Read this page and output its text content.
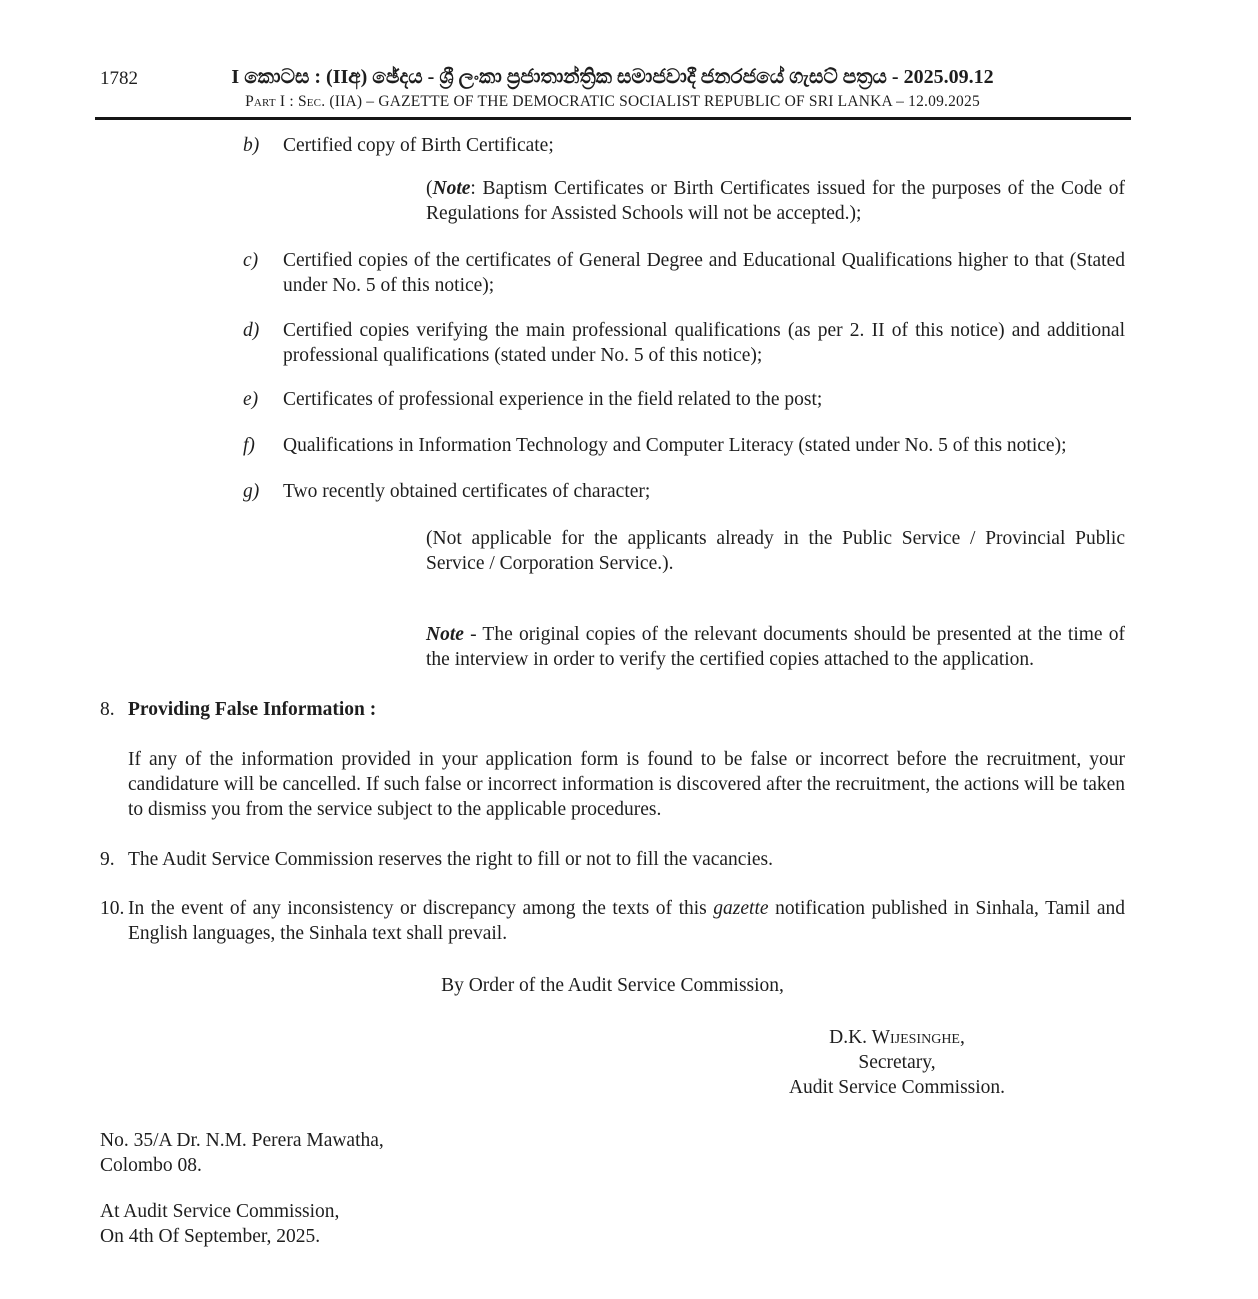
1782	I කොටස : (IIඅ) ඡේදය - ශ්‍රී ලංකා ප්‍රජාතාන්ත්‍රික සමාජවාදී ජනරජයේ ගැසට් පත්‍රය - 2025.09.12
Part I : Sec. (IIA) – GAZETTE OF THE DEMOCRATIC SOCIALIST REPUBLIC OF SRI LANKA – 12.09.2025
b)	Certified copy of Birth Certificate;

(Note: Baptism Certificates or Birth Certificates issued for the purposes of the Code of Regulations for Assisted Schools will not be accepted.);

c)	Certified copies of the certificates of General Degree and Educational Qualifications higher to that (Stated under No. 5 of this notice);

d)	Certified copies verifying the main professional qualifications (as per 2. II of this notice) and additional professional qualifications (stated under No. 5 of this notice);

e)	Certificates of professional experience in the field related to the post;

f)	Qualifications in Information Technology and Computer Literacy (stated under No. 5 of this notice);

g)	Two recently obtained certificates of character;

(Not applicable for the applicants already in the Public Service / Provincial Public Service / Corporation Service.).

Note - The original copies of the relevant documents should be presented at the time of the interview in order to verify the certified copies attached to the application.

8. Providing False Information :

If any of the information provided in your application form is found to be false or incorrect before the recruitment, your candidature will be cancelled. If such false or incorrect information is discovered after the recruitment, the actions will be taken to dismiss you from the service subject to the applicable procedures.

9. The Audit Service Commission reserves the right to fill or not to fill the vacancies.

10. In the event of any inconsistency or discrepancy among the texts of this gazette notification published in Sinhala, Tamil and English languages, the Sinhala text shall prevail.

By Order of the Audit Service Commission,

D.K. Wijesinghe,

Secretary,

Audit Service Commission.

No. 35/A Dr. N.M. Perera Mawatha,

Colombo 08.

At Audit Service Commission,

On 4th Of September, 2025.
